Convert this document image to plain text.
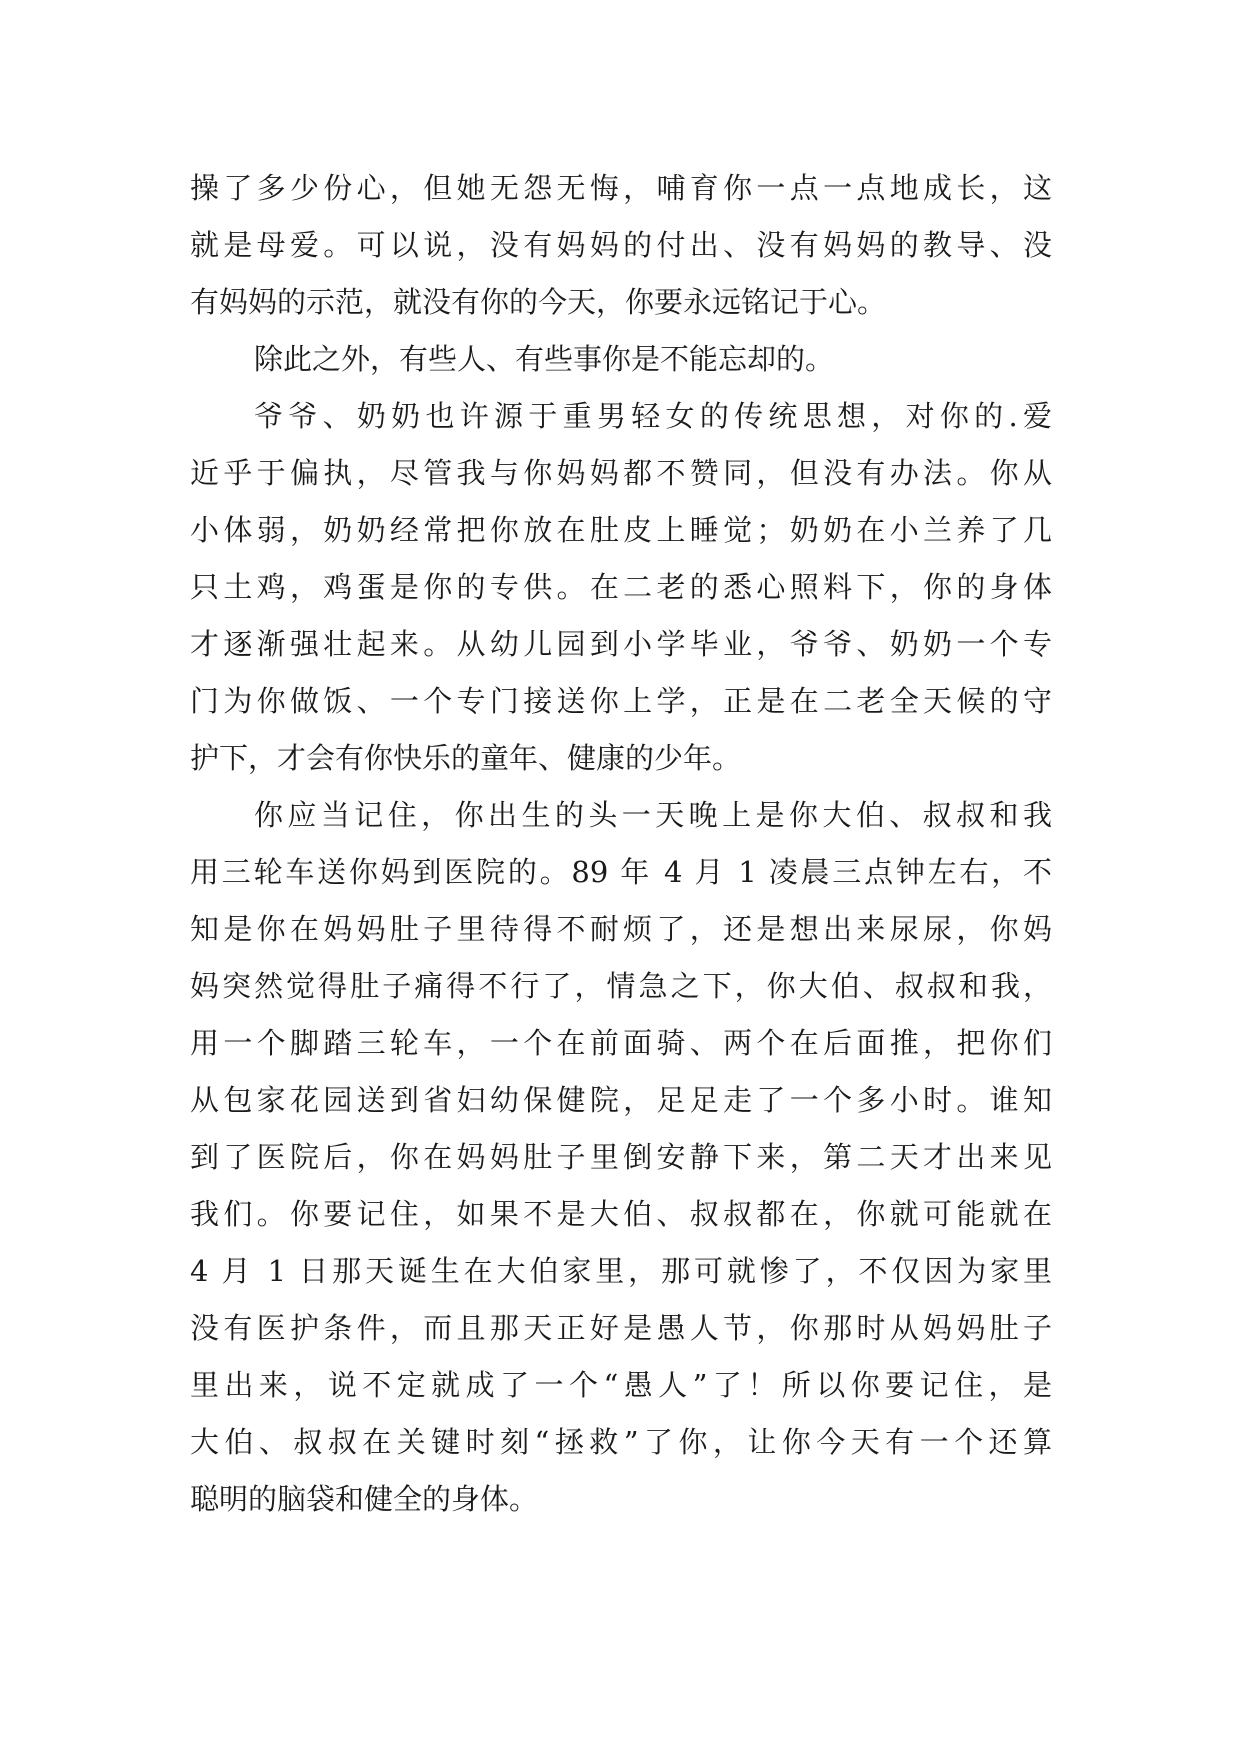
操了多少份心，但她无怨无悔，哺育你一点一点地成长，这
就是母爱。可以说，没有妈妈的付出、没有妈妈的教导、没
有妈妈的示范，就没有你的今天，你要永远铭记于心。
除此之外，有些人、有些事你是不能忘却的。
爷爷、奶奶也许源于重男轻女的传统思想，对你的.爱
近乎于偏执，尽管我与你妈妈都不赞同，但没有办法。你从
小体弱，奶奶经常把你放在肚皮上睡觉；奶奶在小兰养了几
只土鸡，鸡蛋是你的专供。在二老的悉心照料下，你的身体
才逐渐强壮起来。从幼儿园到小学毕业，爷爷、奶奶一个专
门为你做饭、一个专门接送你上学，正是在二老全天候的守
护下，才会有你快乐的童年、健康的少年。
你应当记住，你出生的头一天晚上是你大伯、叔叔和我
用三轮车送你妈到医院的。89 年 4 月 1 凌晨三点钟左右，不
知是你在妈妈肚子里待得不耐烦了，还是想出来尿尿，你妈
妈突然觉得肚子痛得不行了，情急之下，你大伯、叔叔和我，
用一个脚踏三轮车，一个在前面骑、两个在后面推，把你们
从包家花园送到省妇幼保健院，足足走了一个多小时。谁知
到了医院后，你在妈妈肚子里倒安静下来，第二天才出来见
我们。你要记住，如果不是大伯、叔叔都在，你就可能就在
4 月 1 日那天诞生在大伯家里，那可就惨了，不仅因为家里
没有医护条件，而且那天正好是愚人节，你那时从妈妈肚子
里出来，说不定就成了一个“愚人”了！所以你要记住，是
大伯、叔叔在关键时刻“拯救”了你，让你今天有一个还算
聪明的脑袋和健全的身体。
